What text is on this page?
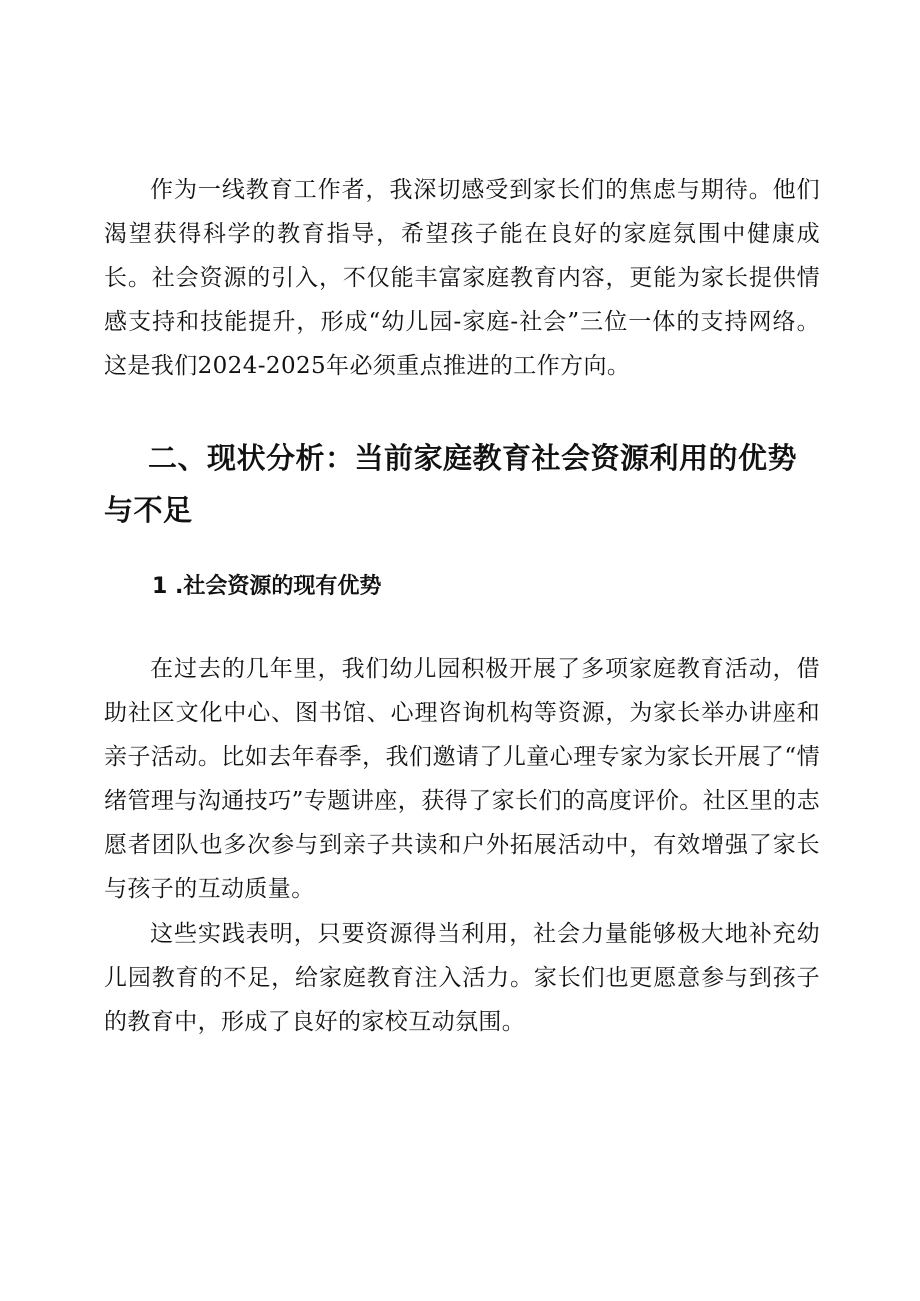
作为一线教育工作者，我深切感受到家长们的焦虑与期待。他们渴望获得科学的教育指导，希望孩子能在良好的家庭氛围中健康成长。社会资源的引入，不仅能丰富家庭教育内容，更能为家长提供情感支持和技能提升，形成“幼儿园-家庭-社会”三位一体的支持网络。这是我们2024-2025年必须重点推进的工作方向。

二、现状分析：当前家庭教育社会资源利用的优势与不足
1 .社会资源的现有优势

在过去的几年里，我们幼儿园积极开展了多项家庭教育活动，借助社区文化中心、图书馆、心理咨询机构等资源，为家长举办讲座和亲子活动。比如去年春季，我们邀请了儿童心理专家为家长开展了“情绪管理与沟通技巧”专题讲座，获得了家长们的高度评价。社区里的志愿者团队也多次参与到亲子共读和户外拓展活动中，有效增强了家长与孩子的互动质量。

这些实践表明，只要资源得当利用，社会力量能够极大地补充幼儿园教育的不足，给家庭教育注入活力。家长们也更愿意参与到孩子的教育中，形成了良好的家校互动氛围。
